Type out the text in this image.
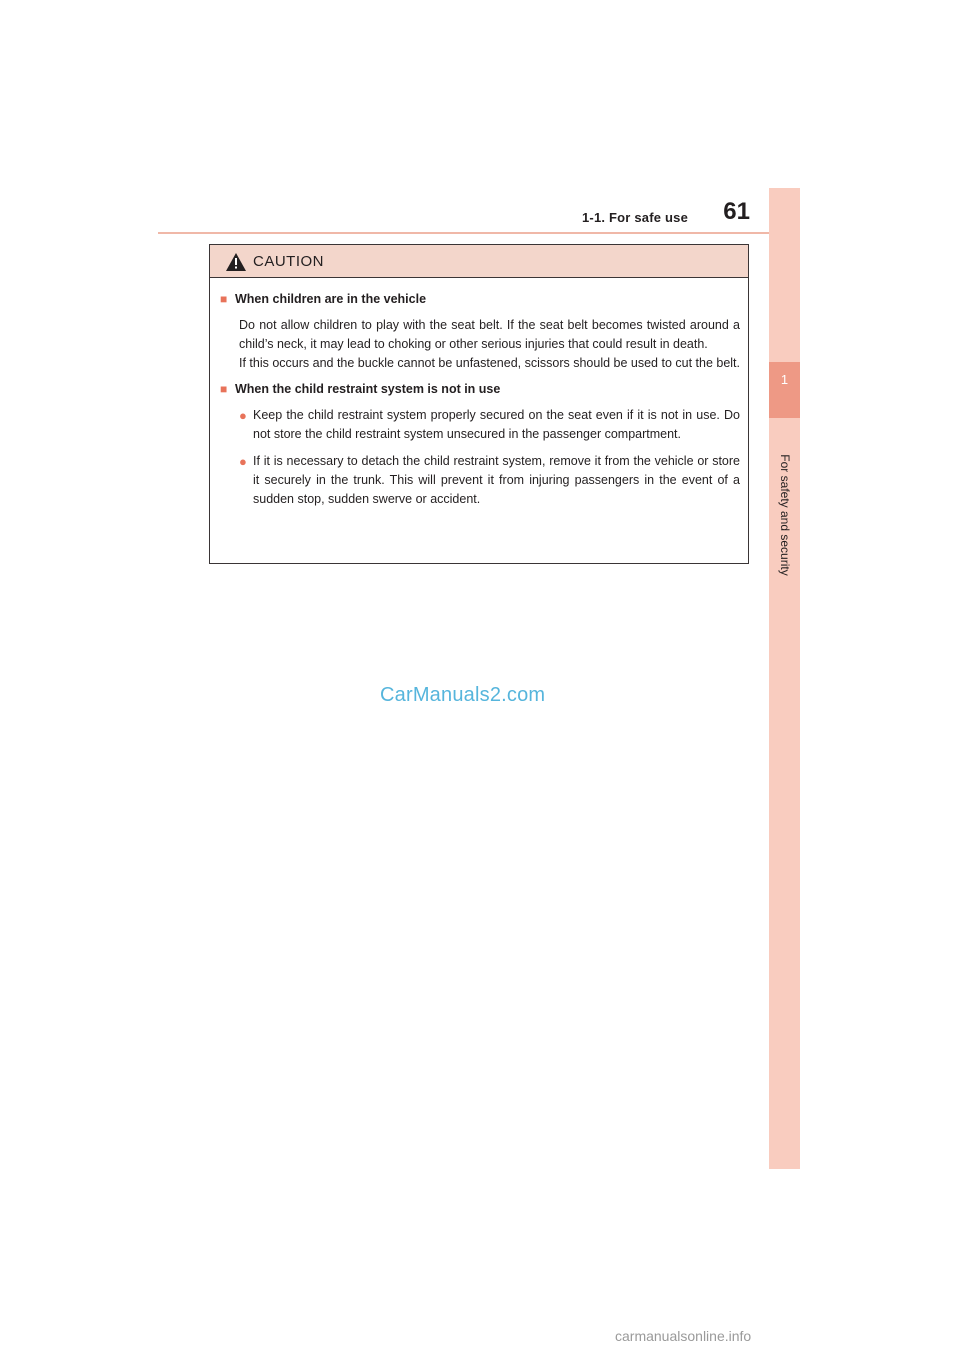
1-1. For safe use	61
1
For safety and security
CAUTION
■ When children are in the vehicle

Do not allow children to play with the seat belt. If the seat belt becomes twisted around a child’s neck, it may lead to choking or other serious injuries that could result in death.

If this occurs and the buckle cannot be unfastened, scissors should be used to cut the belt.

■ When the child restraint system is not in use
● Keep the child restraint system properly secured on the seat even if it is not in use. Do not store the child restraint system unsecured in the passenger compartment.
● If it is necessary to detach the child restraint system, remove it from the vehicle or store it securely in the trunk. This will prevent it from injuring passengers in the event of a sudden stop, sudden swerve or accident.
CarManuals2.com
carmanualsonline.info
